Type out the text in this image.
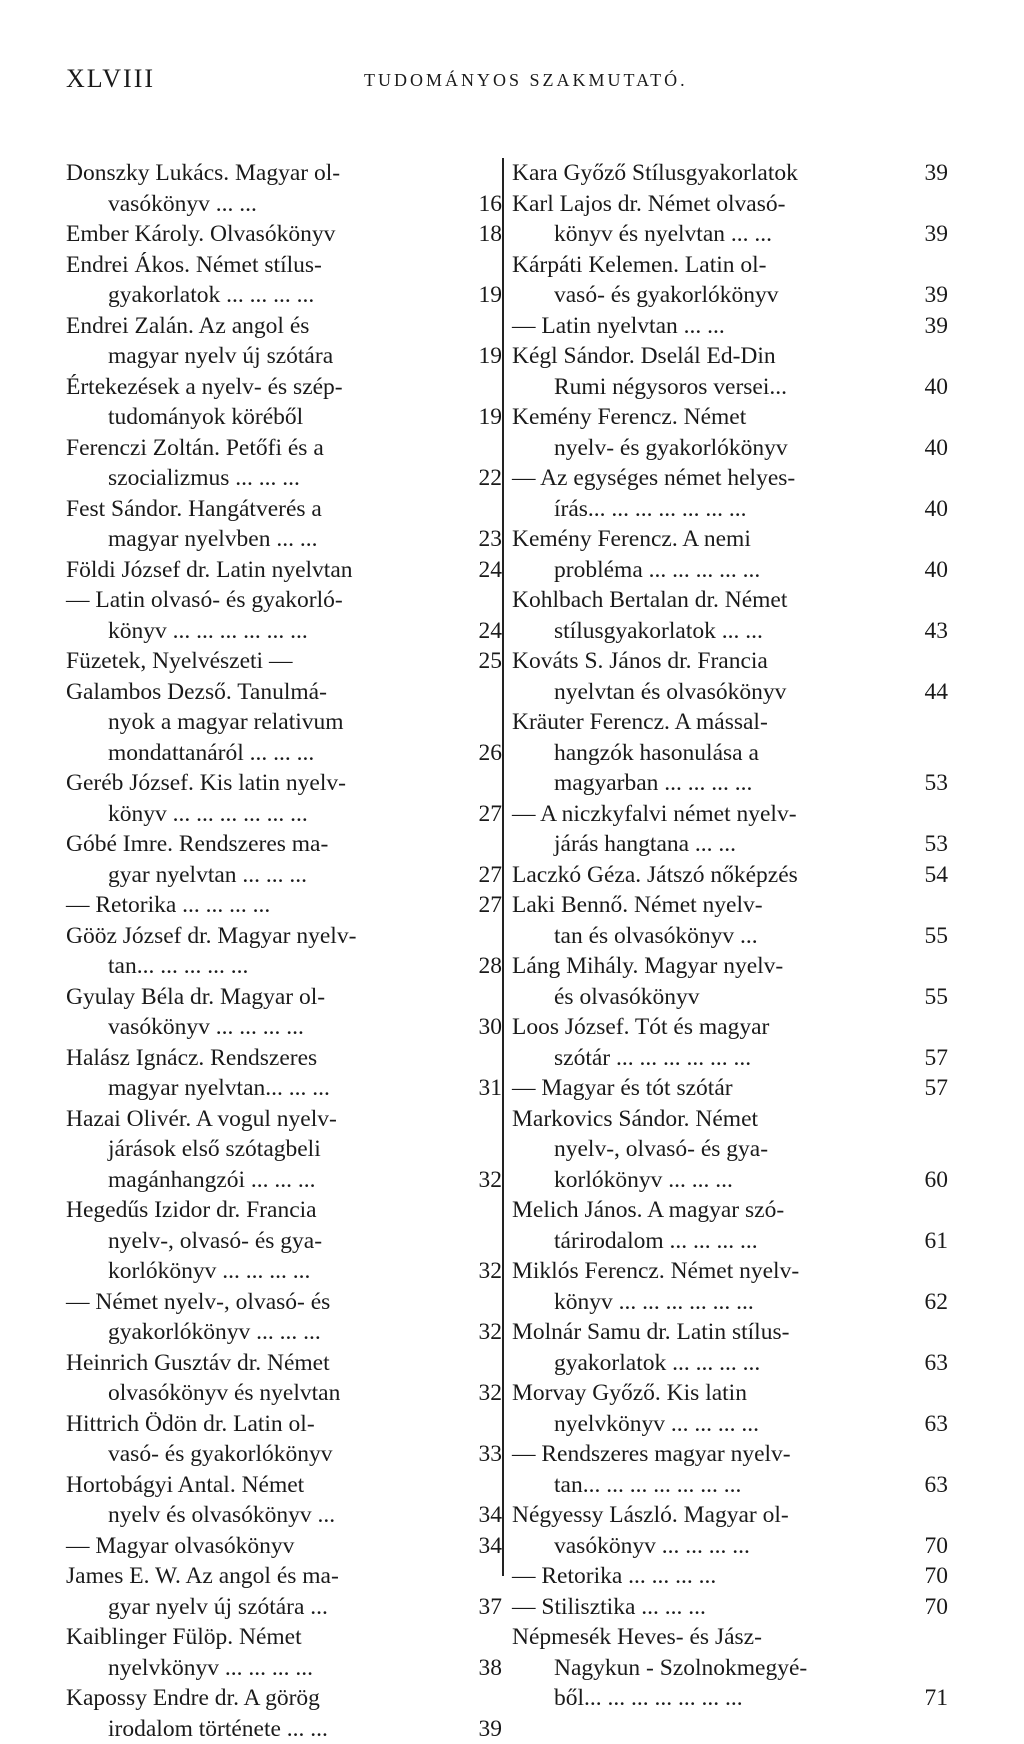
XLVIII	TUDOMÁNYOS SZAKMUTATÓ.
Donszky Lukács. Magyar ol-
vasókönyv ... ...	16
Ember Károly. Olvasókönyv	18
Endrei Ákos. Német stílus-
gyakorlatok ... ... ... ...	19
Endrei Zalán. Az angol és
magyar nyelv új szótára	19
Értekezések a nyelv- és szép-
tudományok köréből	19
Ferenczi Zoltán. Petőfi és a
szocializmus ... ... ...	22
Fest Sándor. Hangátverés a
magyar nyelvben ... ...	23
Földi József dr. Latin nyelvtan	24
— Latin olvasó- és gyakorló-
könyv ... ... ... ... ... ...	24
Füzetek, Nyelvészeti —	25
Galambos Dezső. Tanulmá-
nyok a magyar relativum
mondattanáról ... ... ...	26
Geréb József. Kis latin nyelv-
könyv ... ... ... ... ... ...	27
Góbé Imre. Rendszeres ma-
gyar nyelvtan ... ... ...	27
— Retorika ... ... ... ...	27
Gööz József dr. Magyar nyelv-
tan... ... ... ... ...	28
Gyulay Béla dr. Magyar ol-
vasókönyv ... ... ... ...	30
Halász Ignácz. Rendszeres
magyar nyelvtan... ... ...	31
Hazai Olivér. A vogul nyelv-
járások első szótagbeli
magánhangzói ... ... ...	32
Hegedűs Izidor dr. Francia
nyelv-, olvasó- és gya-
korlókönyv ... ... ... ...	32
— Német nyelv-, olvasó- és
gyakorlókönyv ... ... ...	32
Heinrich Gusztáv dr. Német
olvasókönyv és nyelvtan	32
Hittrich Ödön dr. Latin ol-
vasó- és gyakorlókönyv	33
Hortobágyi Antal. Német
nyelv és olvasókönyv ...	34
— Magyar olvasókönyv	34
James E. W. Az angol és ma-
gyar nyelv új szótára ...	37
Kaiblinger Fülöp. Német
nyelvkönyv ... ... ... ...	38
Kapossy Endre dr. A görög
irodalom története ... ...	39
Kara Győző Stílusgyakorlatok	39
Karl Lajos dr. Német olvasó-
könyv és nyelvtan ... ...	39
Kárpáti Kelemen. Latin ol-
vasó- és gyakorlókönyv	39
— Latin nyelvtan ... ...	39
Kégl Sándor. Dselál Ed-Din
Rumi négysoros versei...	40
Kemény Ferencz. Német
nyelv- és gyakorlókönyv	40
— Az egységes német helyes-
írás... ... ... ... ... ... ...	40
Kemény Ferencz. A nemi
probléma ... ... ... ... ...	40
Kohlbach Bertalan dr. Német
stílusgyakorlatok ... ...	43
Kováts S. János dr. Francia
nyelvtan és olvasókönyv	44
Kräuter Ferencz. A mással-
hangzók hasonulása a
magyarban ... ... ... ...	53
— A niczkyfalvi német nyelv-
járás hangtana ... ...	53
Laczkó Géza. Játszó nőképzés	54
Laki Bennő. Német nyelv-
tan és olvasókönyv ...	55
Láng Mihály. Magyar nyelv-
és olvasókönyv	55
Loos József. Tót és magyar
szótár ... ... ... ... ... ...	57
— Magyar és tót szótár	57
Markovics Sándor. Német
nyelv-, olvasó- és gya-
korlókönyv ... ... ...	60
Melich János. A magyar szó-
tárirodalom ... ... ... ...	61
Miklós Ferencz. Német nyelv-
könyv ... ... ... ... ... ...	62
Molnár Samu dr. Latin stílus-
gyakorlatok ... ... ... ...	63
Morvay Győző. Kis latin
nyelvkönyv ... ... ... ...	63
— Rendszeres magyar nyelv-
tan... ... ... ... ... ... ...	63
Négyessy László. Magyar ol-
vasókönyv ... ... ... ...	70
— Retorika ... ... ... ...	70
— Stilisztika ... ... ...	70
Népmesék Heves- és Jász-
Nagykun - Szolnokmegyé-
ből... ... ... ... ... ... ...	71
